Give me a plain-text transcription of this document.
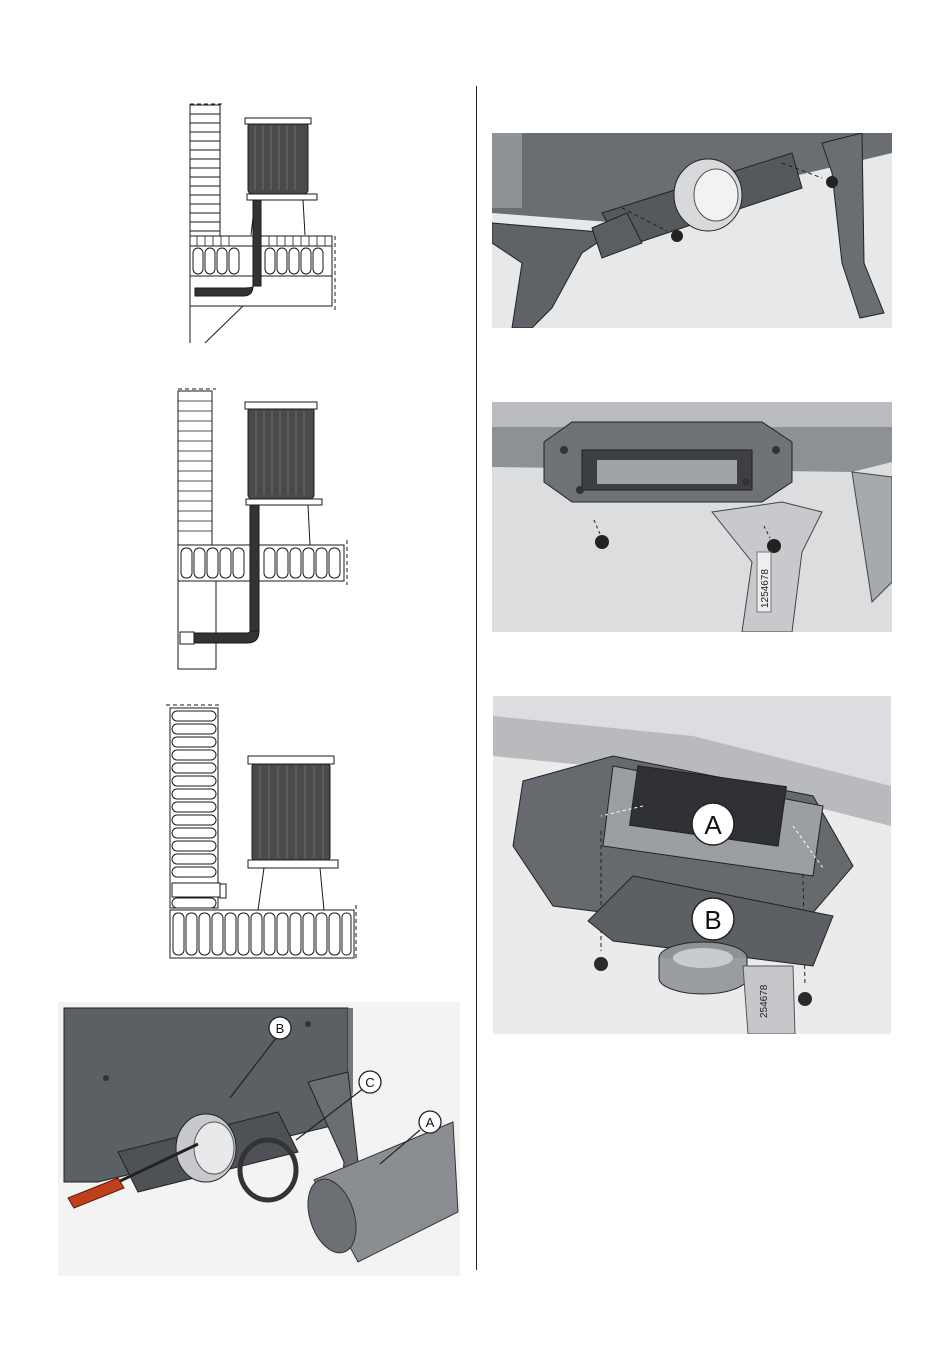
B
C
A
1254678
A
B
254678
